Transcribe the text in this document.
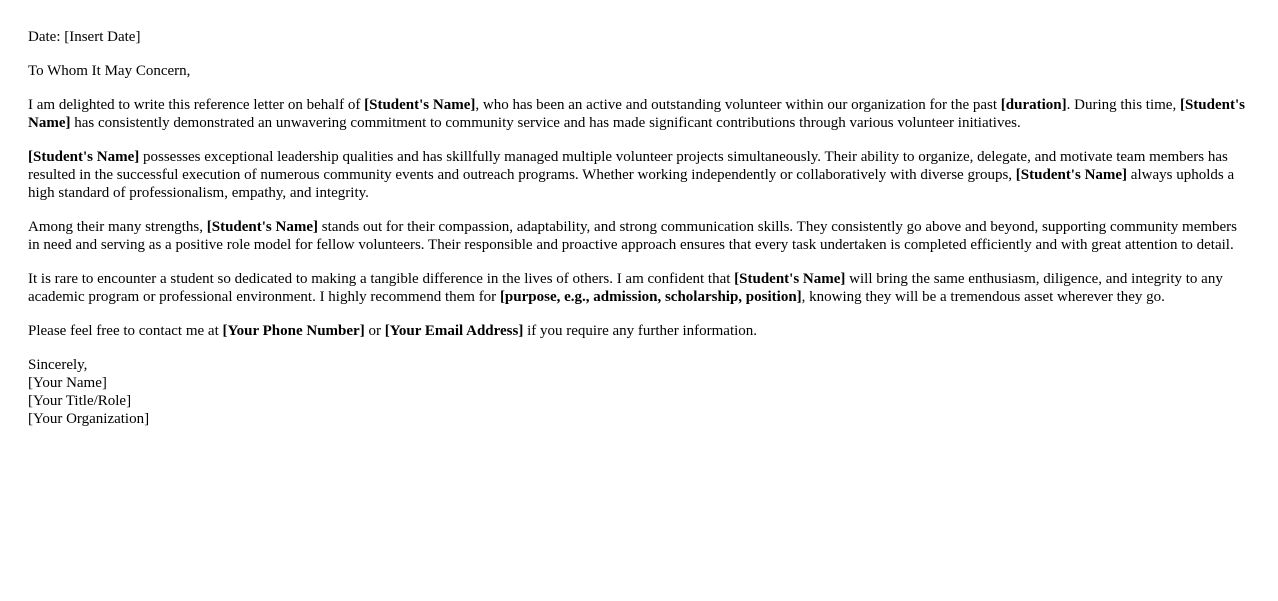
Date: [Insert Date]

To Whom It May Concern,

I am delighted to write this reference letter on behalf of [Student's Name], who has been an active and outstanding volunteer within our organization for the past [duration]. During this time, [Student's Name] has consistently demonstrated an unwavering commitment to community service and has made significant contributions through various volunteer initiatives.

[Student's Name] possesses exceptional leadership qualities and has skillfully managed multiple volunteer projects simultaneously. Their ability to organize, delegate, and motivate team members has resulted in the successful execution of numerous community events and outreach programs. Whether working independently or collaboratively with diverse groups, [Student's Name] always upholds a high standard of professionalism, empathy, and integrity.

Among their many strengths, [Student's Name] stands out for their compassion, adaptability, and strong communication skills. They consistently go above and beyond, supporting community members in need and serving as a positive role model for fellow volunteers. Their responsible and proactive approach ensures that every task undertaken is completed efficiently and with great attention to detail.

It is rare to encounter a student so dedicated to making a tangible difference in the lives of others. I am confident that [Student's Name] will bring the same enthusiasm, diligence, and integrity to any academic program or professional environment. I highly recommend them for [purpose, e.g., admission, scholarship, position], knowing they will be a tremendous asset wherever they go.

Please feel free to contact me at [Your Phone Number] or [Your Email Address] if you require any further information.

Sincerely,
[Your Name]
[Your Title/Role]
[Your Organization]
